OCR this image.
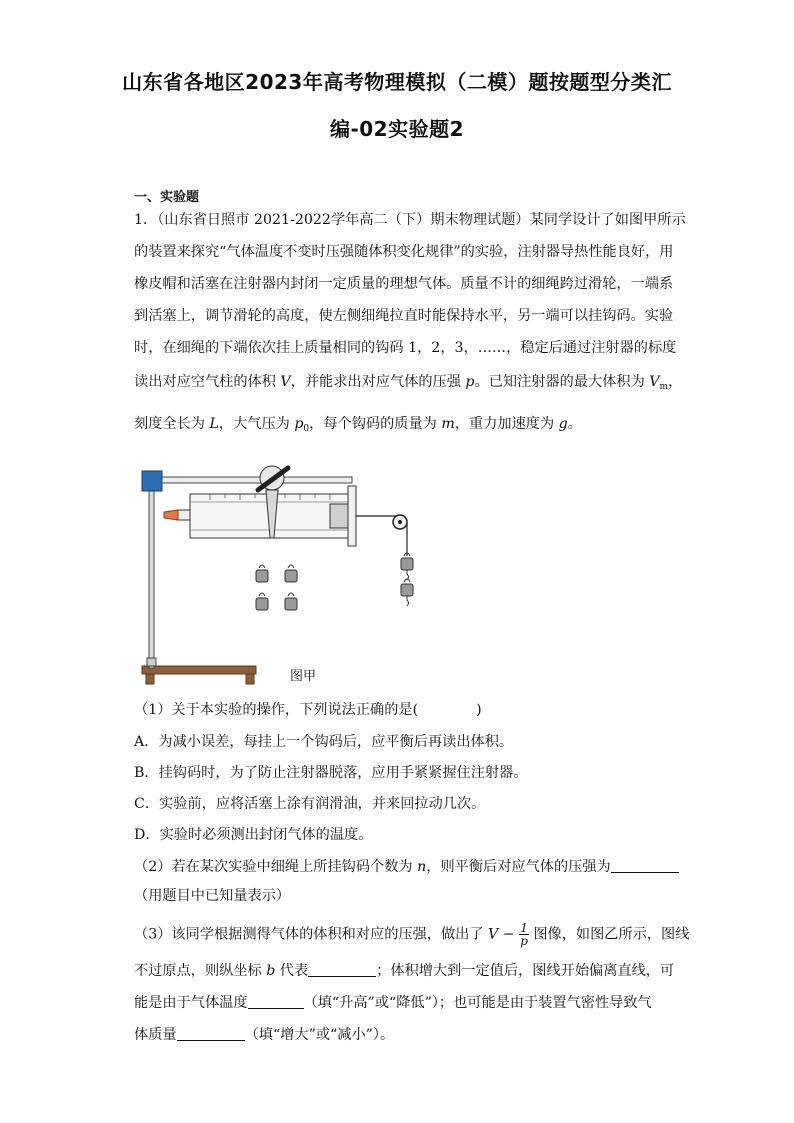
山东省各地区2023年高考物理模拟（二模）题按题型分类汇
编-02实验题2
一、实验题
1．（山东省日照市 2021-2022学年高二（下）期末物理试题）某同学设计了如图甲所示
的装置来探究“气体温度不变时压强随体积变化规律”的实验，注射器导热性能良好，用
橡皮帽和活塞在注射器内封闭一定质量的理想气体。质量不计的细绳跨过滑轮，一端系
到活塞上，调节滑轮的高度，使左侧细绳拉直时能保持水平，另一端可以挂钩码。实验
时，在细绳的下端依次挂上质量相同的钩码 1，2，3，……，稳定后通过注射器的标度
读出对应空气柱的体积 V，并能求出对应气体的压强 p。已知注射器的最大体积为 $V_m$，
刻度全长为 L，大气压为 $p_0$，每个钩码的质量为 m，重力加速度为 g。
图甲
（1）关于本实验的操作，下列说法正确的是(	)
A．为减小误差，每挂上一个钩码后，应平衡后再读出体积。
B．挂钩码时，为了防止注射器脱落，应用手紧紧握住注射器。
C．实验前，应将活塞上涂有润滑油，并来回拉动几次。
D．实验时必须测出封闭气体的温度。
（2）若在某次实验中细绳上所挂钩码个数为 n，则平衡后对应气体的压强为
（用题目中已知量表示）
（3）该同学根据测得气体的体积和对应的压强，做出了 $V - \frac{1}{p}$ 图像，如图乙所示，图线
不过原点，则纵坐标 b 代表	；体积增大到一定值后，图线开始偏离直线，可
能是由于气体温度	（填“升高”或“降低”）；也可能是由于装置气密性导致气
体质量	（填“增大”或“减小”）。
